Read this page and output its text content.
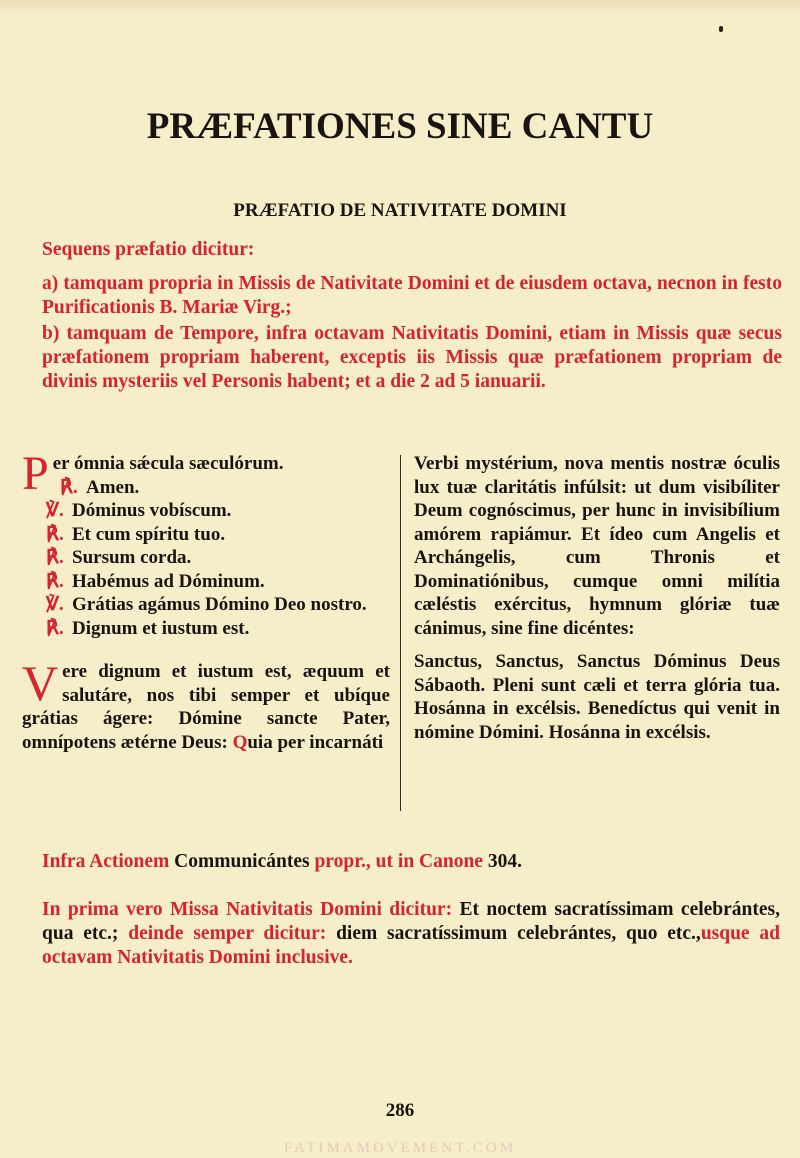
PRÆFATIONES SINE CANTU
PRÆFATIO DE NATIVITATE DOMINI
Sequens præfatio dicitur:
a) tamquam propria in Missis de Nativitate Domini et de eiusdem octava, necnon in festo Purificationis B. Mariæ Virg.;
b) tamquam de Tempore, infra octavam Nativitatis Domini, etiam in Missis quæ secus præfationem propriam haberent, exceptis iis Missis quæ præfationem propriam de divinis mysteriis vel Personis habent; et a die 2 ad 5 ianuarii.
P er ómnia sǽcula sæculórum.
℟. Amen.
℣. Dóminus vobíscum.
℟. Et cum spíritu tuo.
℟. Sursum corda.
℟. Habémus ad Dóminum.
℣. Grátias agámus Dómino Deo nostro.
℟. Dignum et iustum est.
Vere dignum et iustum est, æquum et salutáre, nos tibi semper et ubíque grátias ágere: Dómine sancte Pater, omnípotens ætérne Deus: Quia per incarnáti
Verbi mystérium, nova mentis nostræ óculis lux tuæ claritátis infúlsit: ut dum visibíliter Deum cognóscimus, per hunc in invisibílium amórem rapiámur. Et ídeo cum Angelis et Archángelis, cum Thronis et Dominatiónibus, cumque omni milítia cæléstis exércitus, hymnum glóriæ tuæ cánimus, sine fine dicéntes:
Sanctus, Sanctus, Sanctus Dóminus Deus Sábaoth. Pleni sunt cæli et terra glória tua. Hosánna in excélsis. Benedíctus qui venit in nómine Dómini. Hosánna in excélsis.
Infra Actionem Communicántes propr., ut in Canone 304.
In prima vero Missa Nativitatis Domini dicitur: Et noctem sacratíssimam celebrántes, qua etc.; deinde semper dicitur: diem sacratíssimum celebrántes, quo etc.,usque ad octavam Nativitatis Domini inclusive.
286
FATIMAMOVEMENT.COM
